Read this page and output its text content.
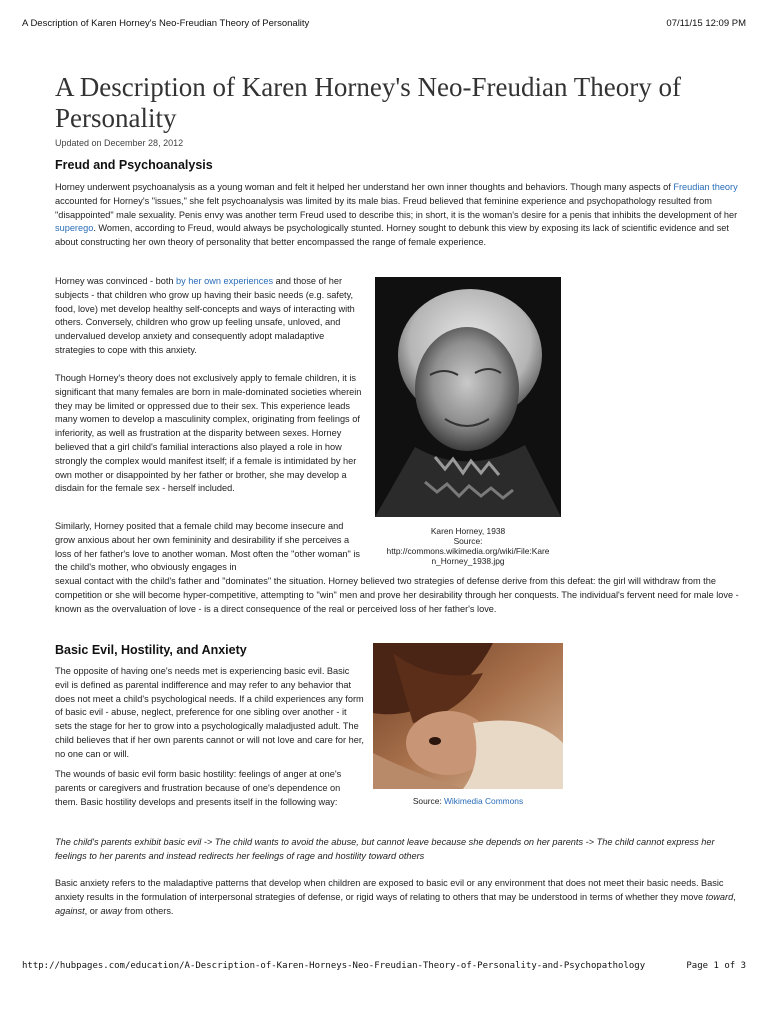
A Description of Karen Horney's Neo-Freudian Theory of Personality	07/11/15 12:09 PM
A Description of Karen Horney's Neo-Freudian Theory of Personality
Updated on December 28, 2012
Freud and Psychoanalysis

Horney underwent psychoanalysis as a young woman and felt it helped her understand her own inner thoughts and behaviors. Though many aspects of Freudian theory accounted for Horney's "issues," she felt psychoanalysis was limited by its male bias. Freud believed that feminine experience and psychopathology resulted from "disappointed" male sexuality. Penis envy was another term Freud used to describe this; in short, it is the woman's desire for a penis that inhibits the development of her superego. Women, according to Freud, would always be psychologically stunted. Horney sought to debunk this view by exposing its lack of scientific evidence and set about constructing her own theory of personality that better encompassed the range of female experience.

Horney was convinced - both by her own experiences and those of her subjects - that children who grow up having their basic needs (e.g. safety, food, love) met develop healthy self-concepts and ways of interacting with others. Conversely, children who grow up feeling unsafe, unloved, and undervalued develop anxiety and consequently adopt maladaptive strategies to cope with this anxiety.

Though Horney's theory does not exclusively apply to female children, it is significant that many females are born in male-dominated societies wherein they may be limited or oppressed due to their sex. This experience leads many women to develop a masculinity complex, originating from feelings of inferiority, as well as frustration at the disparity between sexes. Horney believed that a girl child's familial interactions also played a role in how strongly the complex would manifest itself; if a female is intimidated by her own mother or disappointed by her father or brother, she may develop a disdain for the female sex - herself included.

Similarly, Horney posited that a female child may become insecure and grow anxious about her own femininity and desirability if she perceives a loss of her father's love to another woman. Most often the "other woman" is the child's mother, who obviously engages in

sexual contact with the child's father and "dominates" the situation. Horney believed two strategies of defense derive from this defeat: the girl will withdraw from the competition or she will become hyper-competitive, attempting to "win" men and prove her desirability through her conquests. The individual's fervent need for male love - known as the overvaluation of love - is a direct consequence of the real or perceived loss of her father's love.

Karen Horney, 1938
Source:
http://commons.wikimedia.org/wiki/File:Kare
n_Horney_1938.jpg
Basic Evil, Hostility, and Anxiety

The opposite of having one's needs met is experiencing basic evil. Basic evil is defined as parental indifference and may refer to any behavior that does not meet a child's psychological needs. If a child experiences any form of basic evil - abuse, neglect, preference for one sibling over another - it sets the stage for her to grow into a psychologically maladjusted adult. The child believes that if her own parents cannot or will not love and care for her, no one can or will.

The wounds of basic evil form basic hostility: feelings of anger at one's parents or caregivers and frustration because of one's dependence on them. Basic hostility develops and presents itself in the following way:

The child's parents exhibit basic evil -> The child wants to avoid the abuse, but cannot leave because she depends on her parents -> The child cannot express her feelings to her parents and instead redirects her feelings of rage and hostility toward others

Basic anxiety refers to the maladaptive patterns that develop when children are exposed to basic evil or any environment that does not meet their basic needs. Basic anxiety results in the formulation of interpersonal strategies of defense, or rigid ways of relating to others that may be understood in terms of whether they move toward, against, or away from others.

Source: Wikimedia Commons
http://hubpages.com/education/A-Description-of-Karen-Horneys-Neo-Freudian-Theory-of-Personality-and-Psychopathology	Page 1 of 3
